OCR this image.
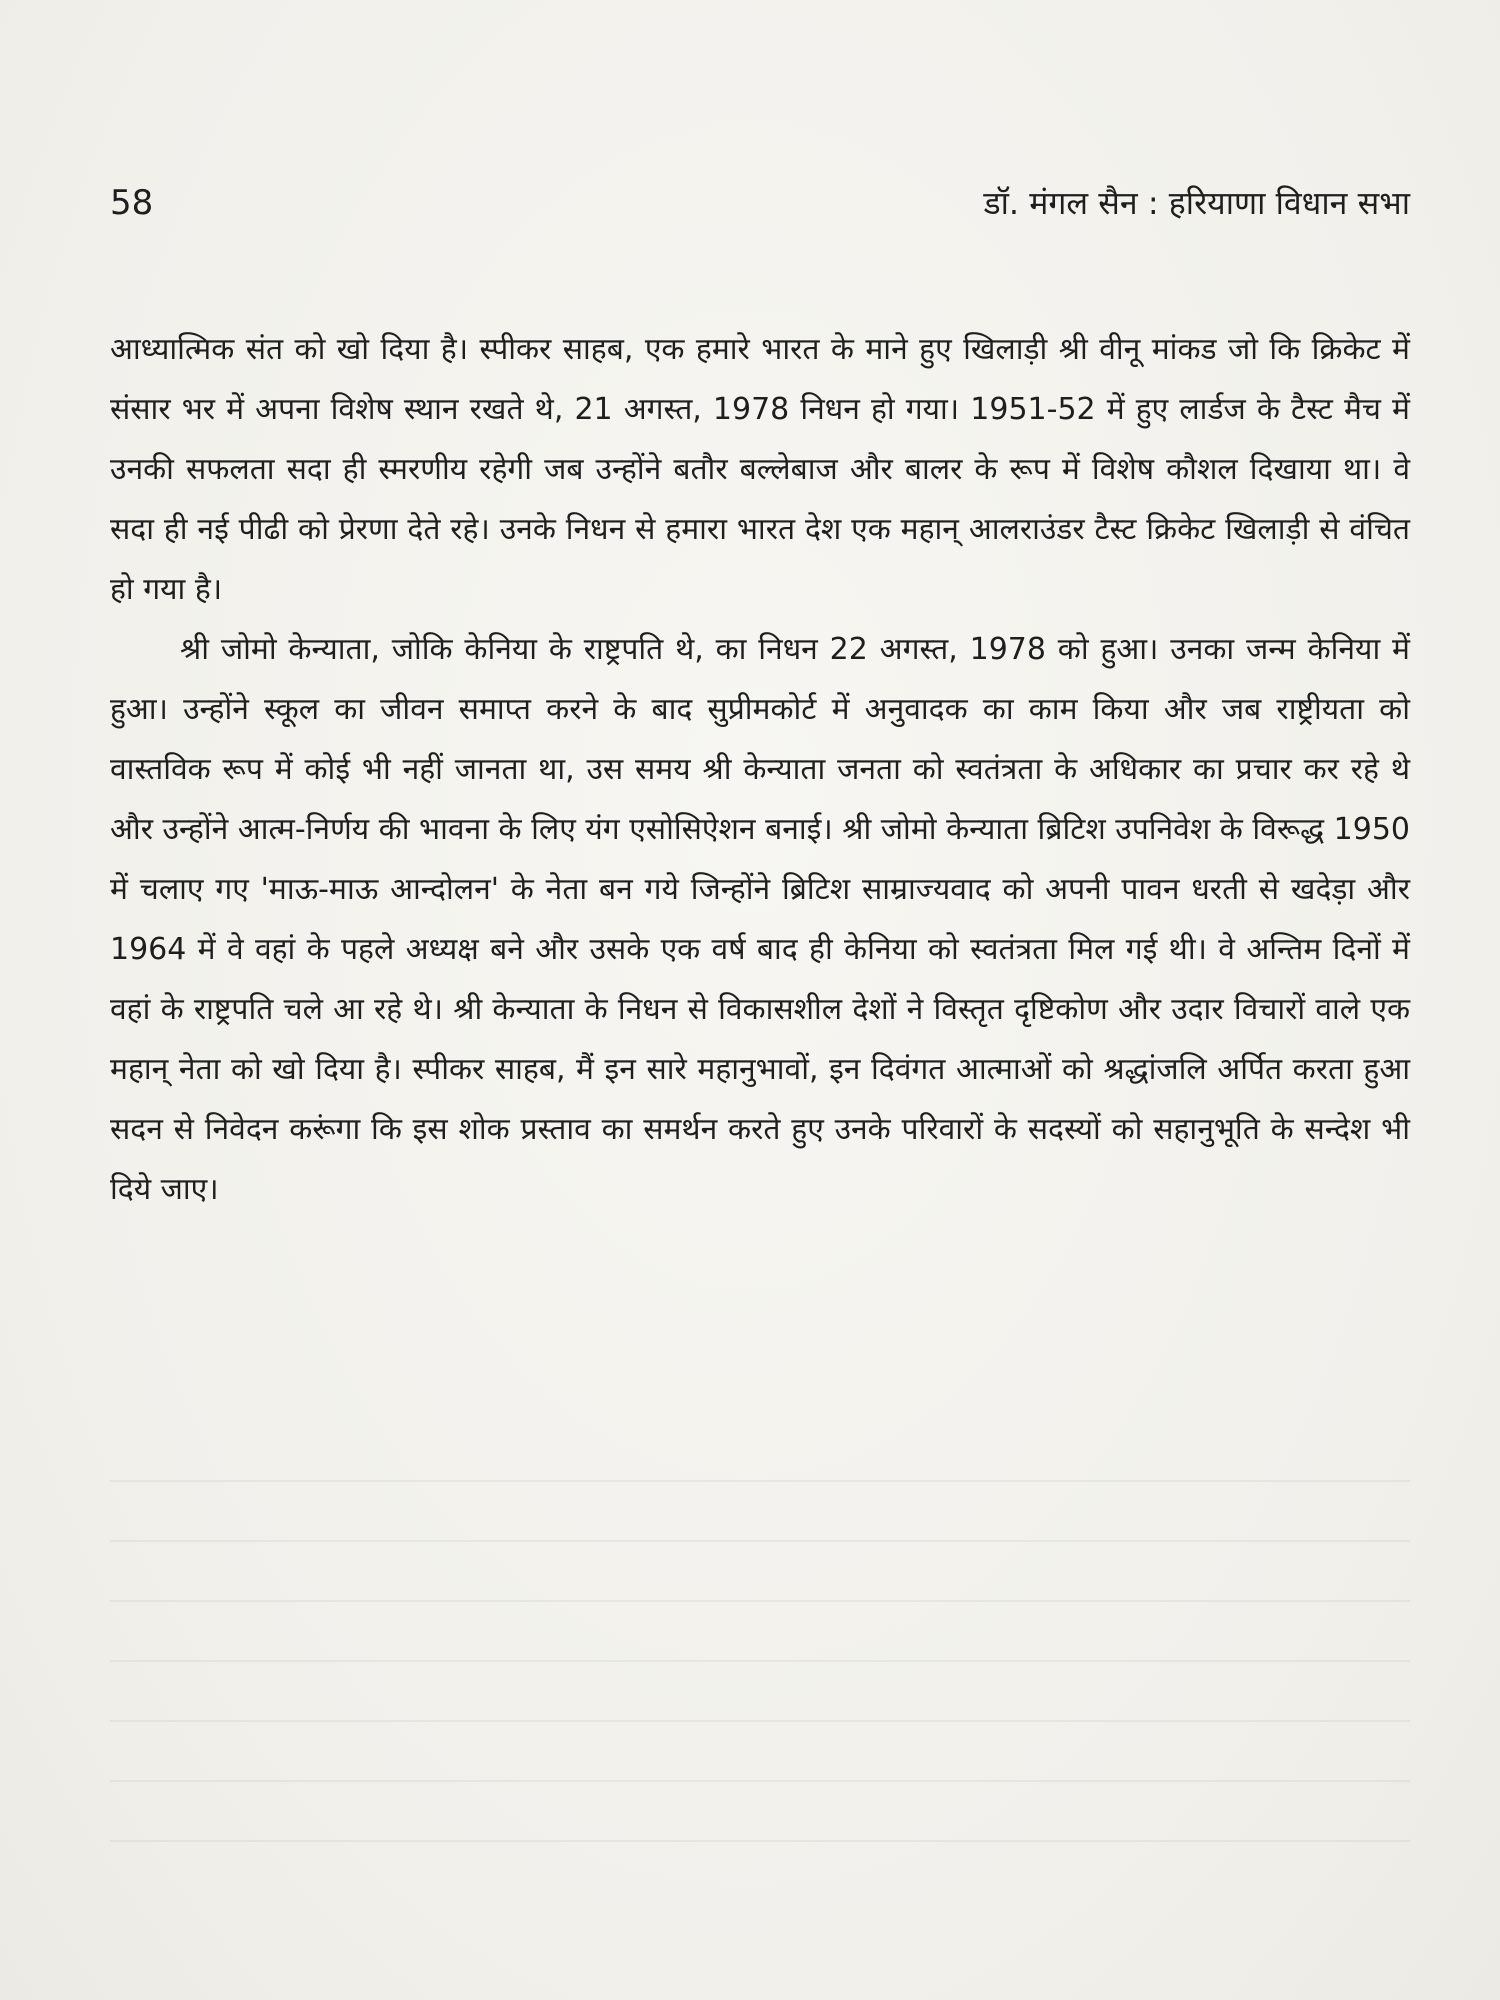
58	डॉ. मंगल सैन : हरियाणा विधान सभा

आध्यात्मिक संत को खो दिया है। स्पीकर साहब, एक हमारे भारत के माने हुए खिलाड़ी श्री वीनू मांकड जो कि क्रिकेट में संसार भर में अपना विशेष स्थान रखते थे, 21 अगस्त, 1978 निधन हो गया। 1951-52 में हुए लार्डज के टैस्ट मैच में उनकी सफलता सदा ही स्मरणीय रहेगी जब उन्होंने बतौर बल्लेबाज और बालर के रूप में विशेष कौशल दिखाया था। वे सदा ही नई पीढी को प्रेरणा देते रहे। उनके निधन से हमारा भारत देश एक महान् आलराउंडर टैस्ट क्रिकेट खिलाड़ी से वंचित हो गया है।

श्री जोमो केन्याता, जोकि केनिया के राष्ट्रपति थे, का निधन 22 अगस्त, 1978 को हुआ। उनका जन्म केनिया में हुआ। उन्होंने स्कूल का जीवन समाप्त करने के बाद सुप्रीमकोर्ट में अनुवादक का काम किया और जब राष्ट्रीयता को वास्तविक रूप में कोई भी नहीं जानता था, उस समय श्री केन्याता जनता को स्वतंत्रता के अधिकार का प्रचार कर रहे थे और उन्होंने आत्म-निर्णय की भावना के लिए यंग एसोसिऐशन बनाई। श्री जोमो केन्याता ब्रिटिश उपनिवेश के विरूद्ध 1950 में चलाए गए 'माऊ-माऊ आन्दोलन' के नेता बन गये जिन्होंने ब्रिटिश साम्राज्यवाद को अपनी पावन धरती से खदेड़ा और 1964 में वे वहां के पहले अध्यक्ष बने और उसके एक वर्ष बाद ही केनिया को स्वतंत्रता मिल गई थी। वे अन्तिम दिनों में वहां के राष्ट्रपति चले आ रहे थे। श्री केन्याता के निधन से विकासशील देशों ने विस्तृत दृष्टिकोण और उदार विचारों वाले एक महान् नेता को खो दिया है। स्पीकर साहब, मैं इन सारे महानुभावों, इन दिवंगत आत्माओं को श्रद्धांजलि अर्पित करता हुआ सदन से निवेदन करूंगा कि इस शोक प्रस्ताव का समर्थन करते हुए उनके परिवारों के सदस्यों को सहानुभूति के सन्देश भी दिये जाए।
